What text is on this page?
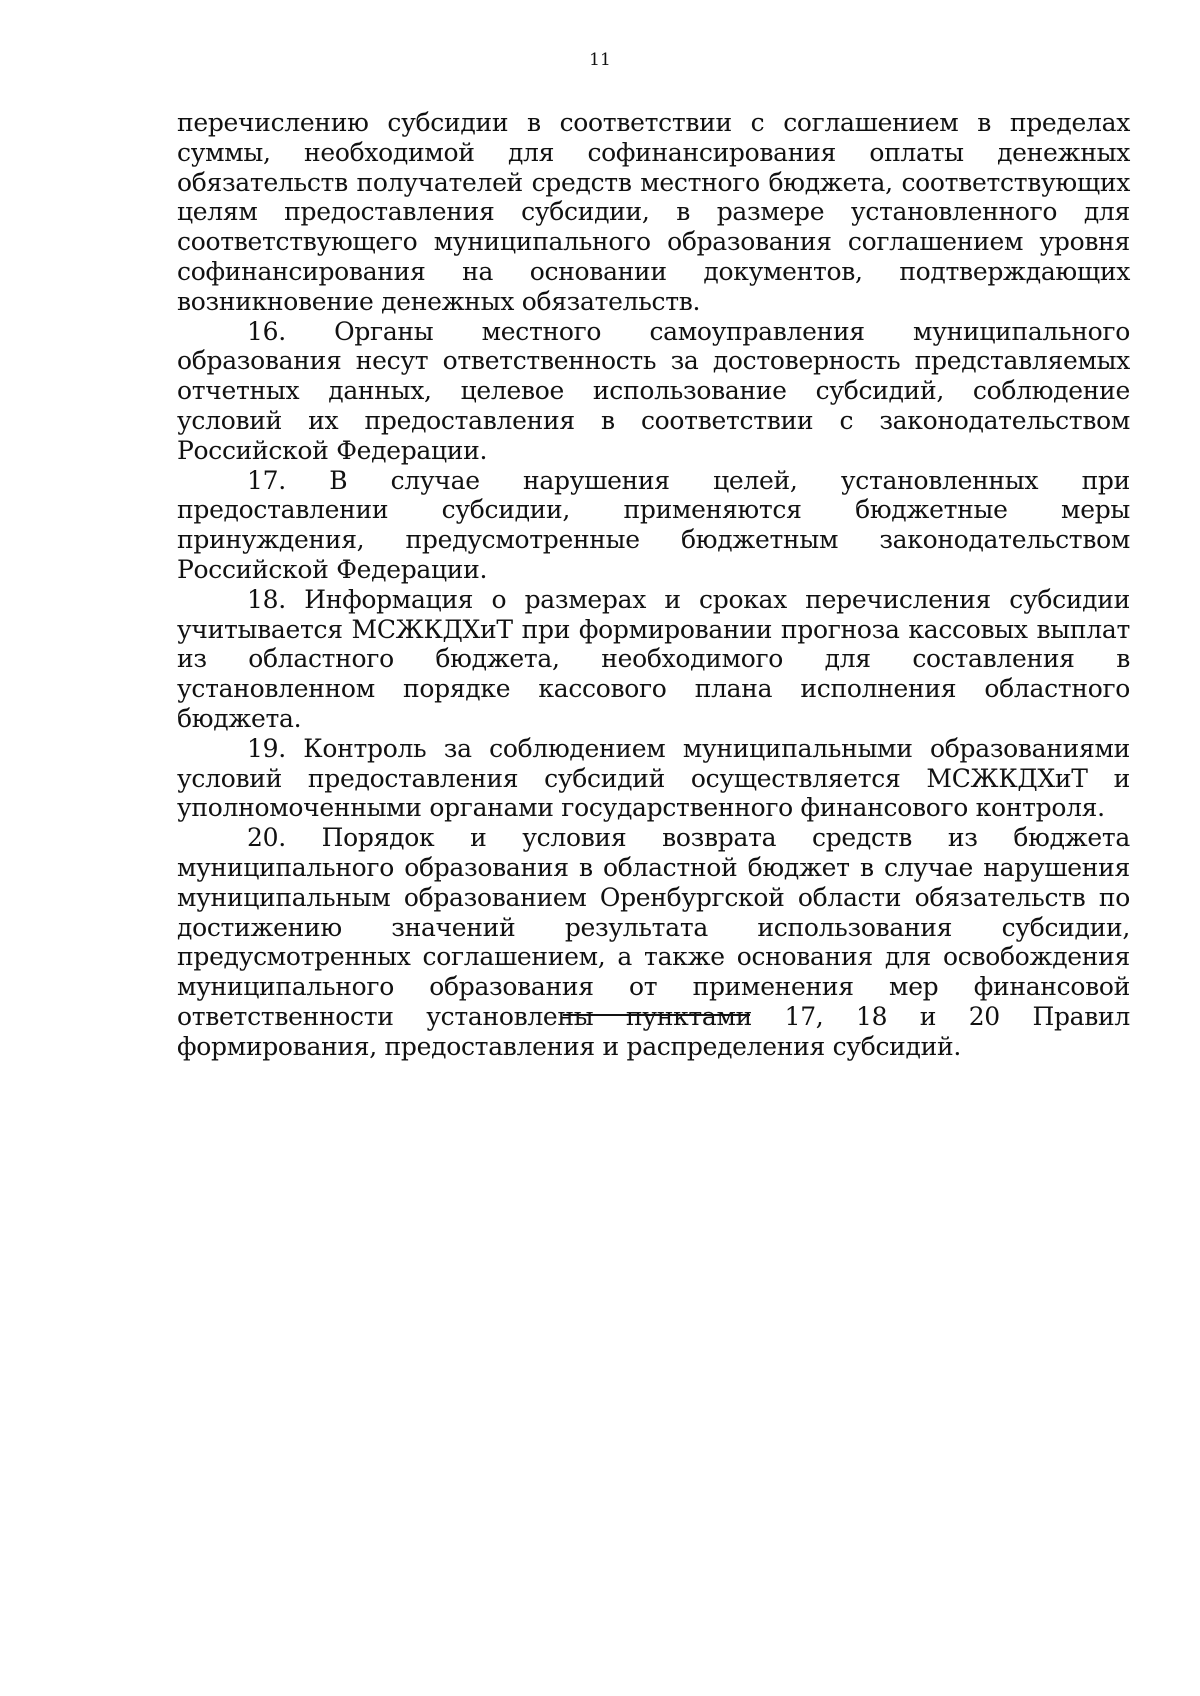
11

перечислению субсидии в соответствии с соглашением в пределах суммы, необходимой для софинансирования оплаты денежных обязательств получателей средств местного бюджета, соответствующих целям предоставления субсидии, в размере установленного для соответствующего муниципального образования соглашением уровня софинансирования на основании документов, подтверждающих возникновение денежных обязательств.

16. Органы местного самоуправления муниципального образования несут ответственность за достоверность представляемых отчетных данных, целевое использование субсидий, соблюдение условий их предоставления в соответствии с законодательством Российской Федерации.

17. В случае нарушения целей, установленных при предоставлении субсидии, применяются бюджетные меры принуждения, предусмотренные бюджетным законодательством Российской Федерации.

18. Информация о размерах и сроках перечисления субсидии учитывается МСЖКДХиТ при формировании прогноза кассовых выплат из областного бюджета, необходимого для составления в установленном порядке кассового плана исполнения областного бюджета.

19. Контроль за соблюдением муниципальными образованиями условий предоставления субсидий осуществляется МСЖКДХиТ и уполномоченными органами государственного финансового контроля.

20. Порядок и условия возврата средств из бюджета муниципального образования в областной бюджет в случае нарушения муниципальным образованием Оренбургской области обязательств по достижению значений результата использования субсидии, предусмотренных соглашением, а также основания для освобождения муниципального образования от применения мер финансовой ответственности установлены пунктами 17, 18 и 20 Правил формирования, предоставления и распределения субсидий.
